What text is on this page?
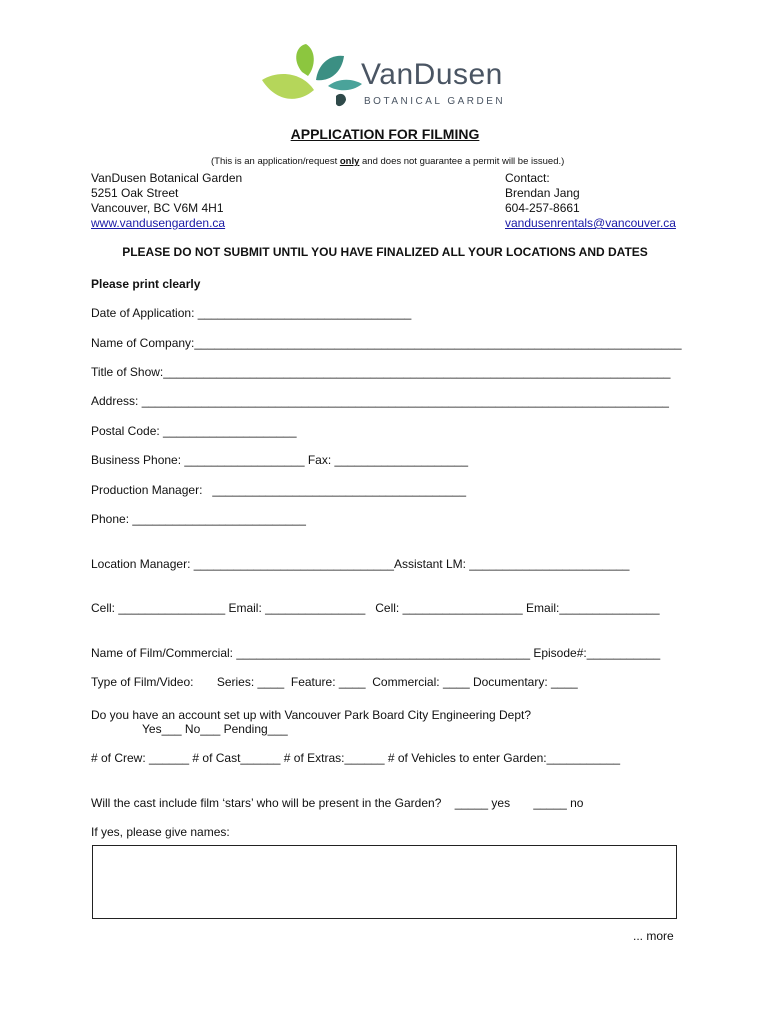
VanDusen
BOTANICAL GARDEN
APPLICATION FOR FILMING

(This is an application/request only and does not guarantee a permit will be issued.)

VanDusen Botanical Garden
5251 Oak Street
Vancouver, BC V6M 4H1
www.vandusengarden.ca
Contact:
Brendan Jang
604-257-8661
vandusenrentals@vancouver.ca
PLEASE DO NOT SUBMIT UNTIL YOU HAVE FINALIZED ALL YOUR LOCATIONS AND DATES
Please print clearly
Date of Application: ________________________________
Name of Company:_________________________________________________________________________
Title of Show:____________________________________________________________________________
Address: _______________________________________________________________________________
Postal Code: ____________________
Business Phone: __________________ Fax: ____________________
Production Manager:   ______________________________________
Phone: __________________________
Location Manager: ______________________________Assistant LM: ________________________
Cell: ________________ Email: _______________   Cell: __________________ Email:_______________
Name of Film/Commercial: ____________________________________________ Episode#:___________
Type of Film/Video:       Series: ____  Feature: ____  Commercial: ____ Documentary: ____
Do you have an account set up with Vancouver Park Board City Engineering Dept?
Yes___ No___ Pending___
# of Crew: ______ # of Cast______ # of Extras:______ # of Vehicles to enter Garden:___________
Will the cast include film ‘stars’ who will be present in the Garden?    _____ yes       _____ no
If yes, please give names:
... more
